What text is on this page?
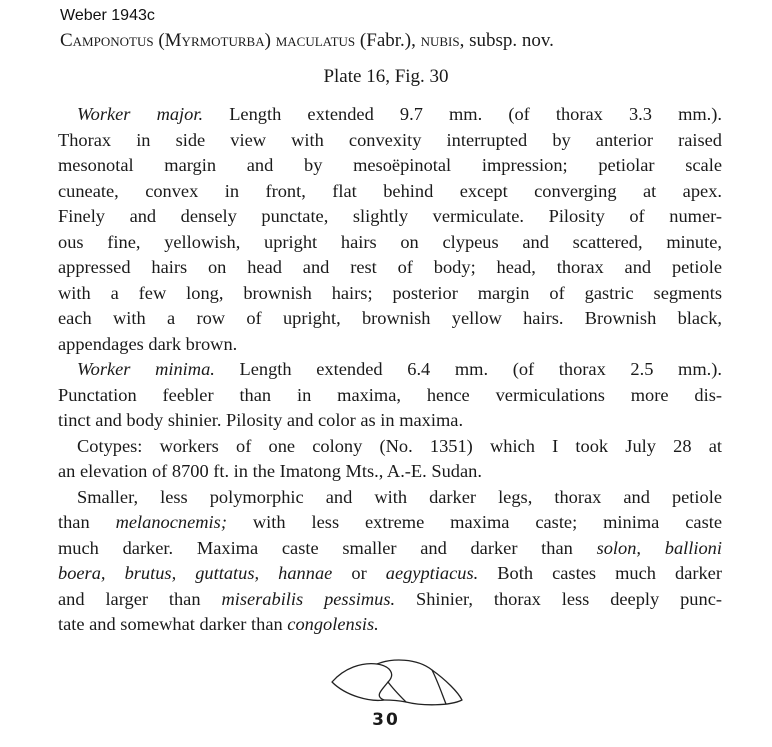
Weber 1943c
Camponotus (Myrmoturba) maculatus (Fabr.), nubis, subsp. nov.
Plate 16, Fig. 30
Worker major. Length extended 9.7 mm. (of thorax 3.3 mm.).
Thorax in side view with convexity interrupted by anterior raised
mesonotal margin and by mesoëpinotal impression; petiolar scale
cuneate, convex in front, flat behind except converging at apex.
Finely and densely punctate, slightly vermiculate. Pilosity of numer-
ous fine, yellowish, upright hairs on clypeus and scattered, minute,
appressed hairs on head and rest of body; head, thorax and petiole
with a few long, brownish hairs; posterior margin of gastric segments
each with a row of upright, brownish yellow hairs. Brownish black,
appendages dark brown.
Worker minima. Length extended 6.4 mm. (of thorax 2.5 mm.).
Punctation feebler than in maxima, hence vermiculations more dis-
tinct and body shinier. Pilosity and color as in maxima.
Cotypes: workers of one colony (No. 1351) which I took July 28 at
an elevation of 8700 ft. in the Imatong Mts., A.-E. Sudan.
Smaller, less polymorphic and with darker legs, thorax and petiole
than melanocnemis; with less extreme maxima caste; minima caste
much darker. Maxima caste smaller and darker than solon, ballioni
boera, brutus, guttatus, hannae or aegyptiacus. Both castes much darker
and larger than miserabilis pessimus. Shinier, thorax less deeply punc-
tate and somewhat darker than congolensis.
30
